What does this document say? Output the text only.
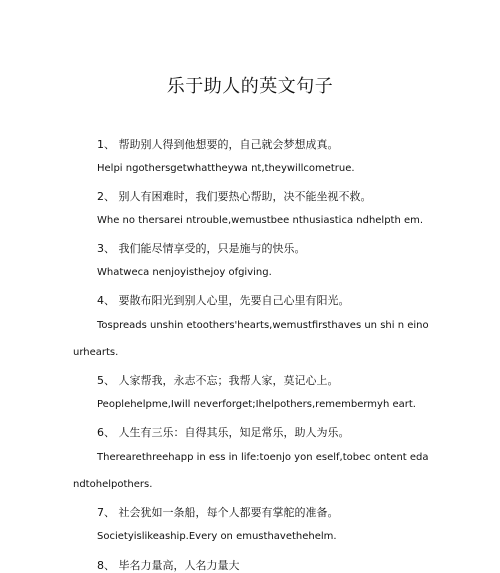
乐于助人的英文句子
1、 帮助别人得到他想要的，自己就会梦想成真。
Helpi ngothersgetwhattheywa nt,theywillcometrue.
2、 别人有困难时，我们要热心帮助，决不能坐视不救。
Whe no thersarei ntrouble,wemustbee nthusiastica ndhelpth em.
3、 我们能尽情享受的，只是施与的快乐。
Whatweca nenjoyisthejoy ofgiving.
4、 要散布阳光到别人心里，先要自己心里有阳光。
Tospreads unshin etoothers'hearts,wemustfirsthaves un shi n eino
urhearts.
5、 人家帮我，永志不忘；我帮人家，莫记心上。
Peoplehelpme,Iwill neverforget;Ihelpothers,remembermyh eart.
6、 人生有三乐：自得其乐，知足常乐，助人为乐。
Therearethreehapp in ess in life:toenjo yon eself,tobec ontent eda
ndtohelpothers.
7、 社会犹如一条船，每个人都要有掌舵的准备。
Societyislikeaship.Every on emusthavethehelm.
8、 毕名力量高，人名力量大
